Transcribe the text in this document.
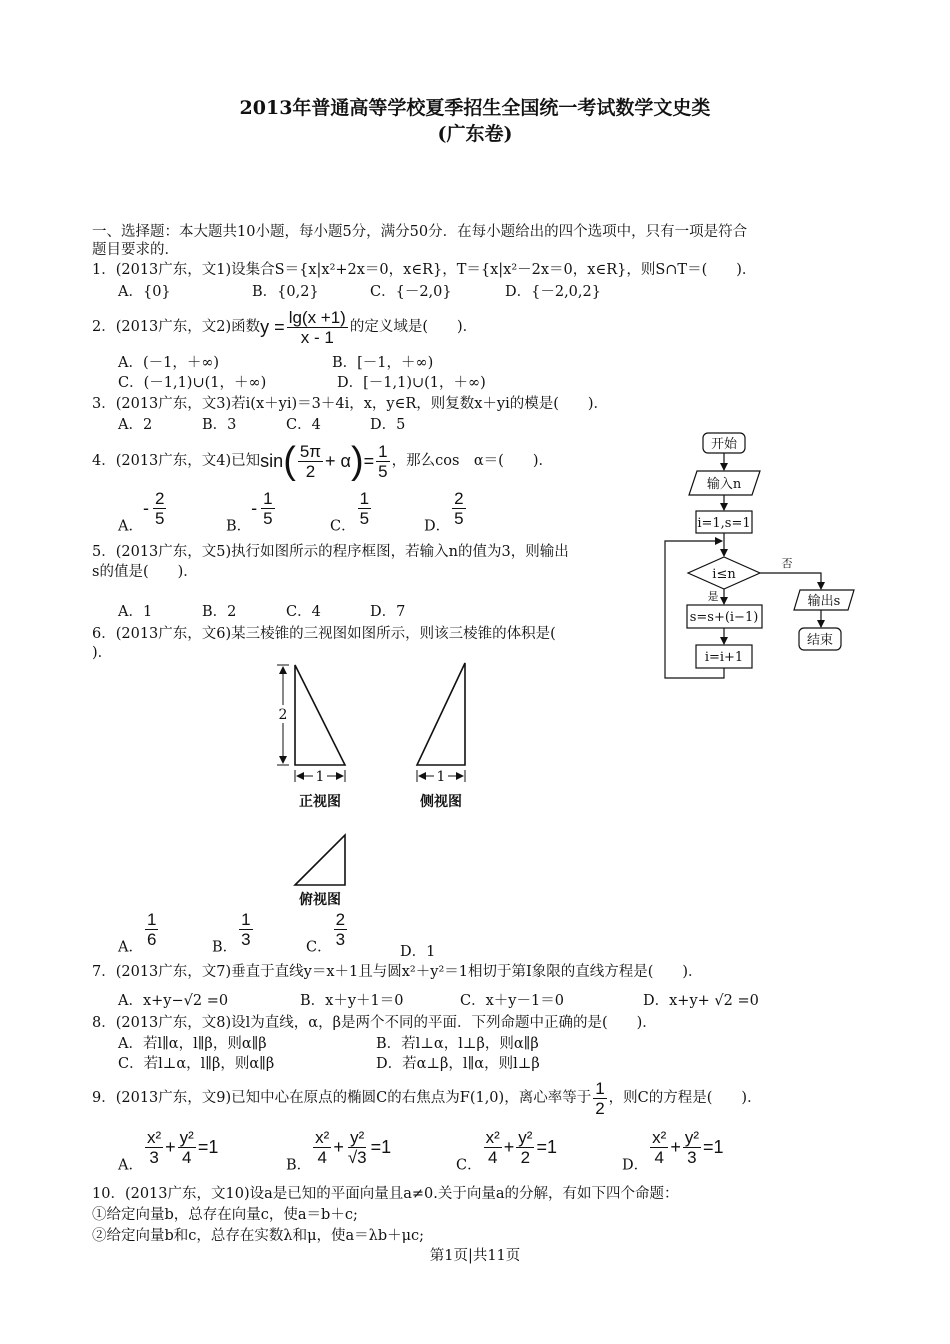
2013年普通高等学校夏季招生全国统一考试数学文史类
(广东卷)
一、选择题：本大题共10小题，每小题5分，满分50分．在每小题给出的四个选项中，只有一项是符合
题目要求的．
1．(2013广东，文1)设集合S＝{x|x²+2x＝0，x∈R}，T＝{x|x²－2x＝0，x∈R}，则S∩T＝(　　)．
A．{0}	B．{0,2}	C．{－2,0}	D．{－2,0,2}
2．(2013广东，文2)函数$y = \frac{\lg(x +1)}{x - 1}$ 的定义域是(　　)．
A．(－1，＋∞)	B．[－1，＋∞)
C．(－1,1)∪(1，＋∞)	D．[－1,1)∪(1，＋∞)
3．(2013广东，文3)若i(x＋yi)＝3＋4i，x，y∈R，则复数x＋yi的模是(　　)．
A．2	B．3	C．4	D．5
4．(2013广东，文4)已知$\sin( \frac{5\pi}{2} + \alpha)= \frac{1}{5}$ ，那么cos　α＝(　　)．
A．- $\frac{2}{5}$	B．- $\frac{1}{5}$	C． $\frac{1}{5}$	D． $\frac{2}{5}$
5．(2013广东，文5)执行如图所示的程序框图，若输入n的值为3，则输出
s的值是(　　)．
A．1	B．2	C．4	D．7
开始
输入n
i=1,s=1
i≤n
是
否
s=s+(i−1)
i=i+1
输出s
结束
2
1	1
正视图	侧视图
俯视图
6．(2013广东，文6)某三棱锥的三视图如图所示，则该三棱锥的体积是(
)．
A． $\frac{1}{6}$	B． $\frac{1}{3}$	C． $\frac{2}{3}$
D．1
7．(2013广东，文7)垂直于直线y＝x＋1且与圆x²＋y²＝1相切于第Ⅰ象限的直线方程是(　　)．
A．x+y−√2 =0	B．x＋y＋1＝0	C．x＋y－1＝0	D．x+y+ √2 =0
8．(2013广东，文8)设l为直线，α，β是两个不同的平面．下列命题中正确的是(　　)．
A．若l∥α，l∥β，则α∥β	B．若l⊥α，l⊥β，则α∥β
C．若l⊥α，l∥β，则α∥β	D．若α⊥β，l∥α，则l⊥β
9．(2013广东，文9)已知中心在原点的椭圆C的右焦点为F(1,0)，离心率等于 $\frac{1}{2}$ ，则C的方程是(　　)．
A． $\frac{\text{x²}}{3} + \frac{\text{y²}}{4} =1$
B． $\frac{\text{x²}}{4} + \frac{\text{y²}}{√3} =1$
C． $\frac{\text{x²}}{4} + \frac{\text{y²}}{2} =1$
D． $\frac{\text{x²}}{4} + \frac{\text{y²}}{3} =1$
10．(2013广东，文10)设a是已知的平面向量且a≠0.关于向量a的分解，有如下四个命题：
①给定向量b，总存在向量c，使a＝b＋c;
②给定向量b和c，总存在实数λ和μ，使a＝λb＋μc;
第1页|共11页
